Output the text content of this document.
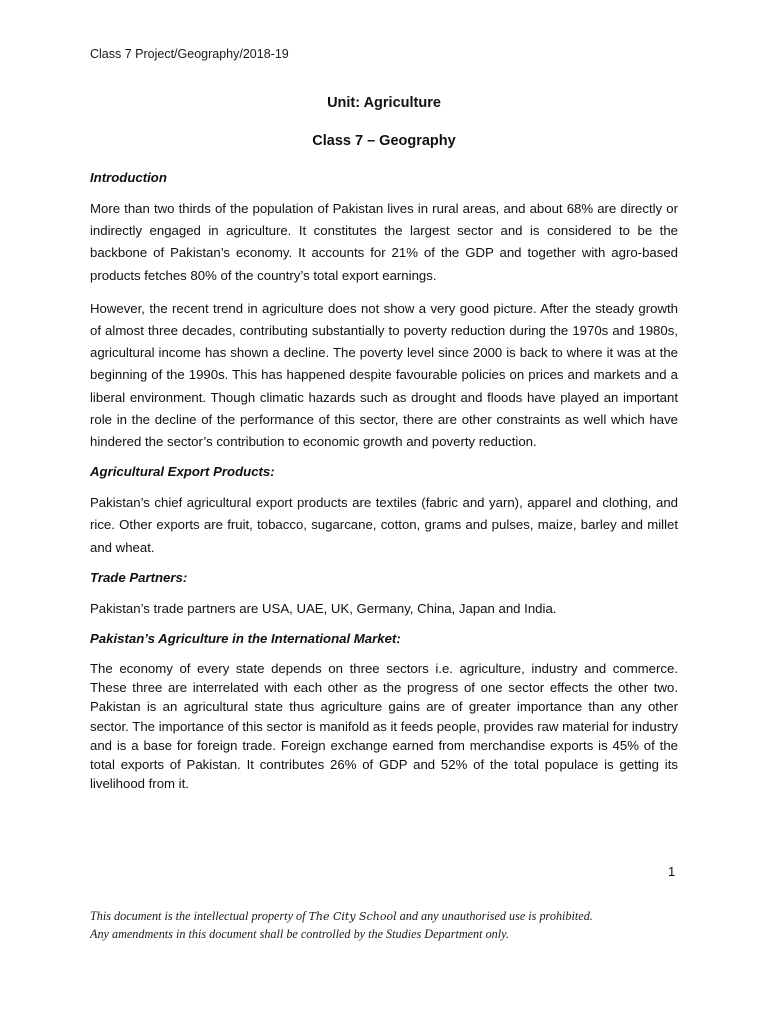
Class 7 Project/Geography/2018-19
Unit: Agriculture
Class 7 – Geography
Introduction

More than two thirds of the population of Pakistan lives in rural areas, and about 68% are directly or indirectly engaged in agriculture. It constitutes the largest sector and is considered to be the backbone of Pakistan’s economy. It accounts for 21% of the GDP and together with agro-based products fetches 80% of the country’s total export earnings.

However, the recent trend in agriculture does not show a very good picture. After the steady growth of almost three decades, contributing substantially to poverty reduction during the 1970s and 1980s, agricultural income has shown a decline. The poverty level since 2000 is back to where it was at the beginning of the 1990s. This has happened despite favourable policies on prices and markets and a liberal environment. Though climatic hazards such as drought and floods have played an important role in the decline of the performance of this sector, there are other constraints as well which have hindered the sector’s contribution to economic growth and poverty reduction.

Agricultural Export Products:

Pakistan’s chief agricultural export products are textiles (fabric and yarn), apparel and clothing, and rice. Other exports are fruit, tobacco, sugarcane, cotton, grams and pulses, maize, barley and millet and wheat.

Trade Partners:

Pakistan’s trade partners are USA, UAE, UK, Germany, China, Japan and India.

Pakistan’s Agriculture in the International Market:

The economy of every state depends on three sectors i.e. agriculture, industry and commerce. These three are interrelated with each other as the progress of one sector effects the other two. Pakistan is an agricultural state thus agriculture gains are of greater importance than any other sector. The importance of this sector is manifold as it feeds people, provides raw material for industry and is a base for foreign trade. Foreign exchange earned from merchandise exports is 45% of the total exports of Pakistan. It contributes 26% of GDP and 52% of the total populace is getting its livelihood from it.

1
This document is the intellectual property of The City School and any unauthorised use is prohibited.
Any amendments in this document shall be controlled by the Studies Department only.
